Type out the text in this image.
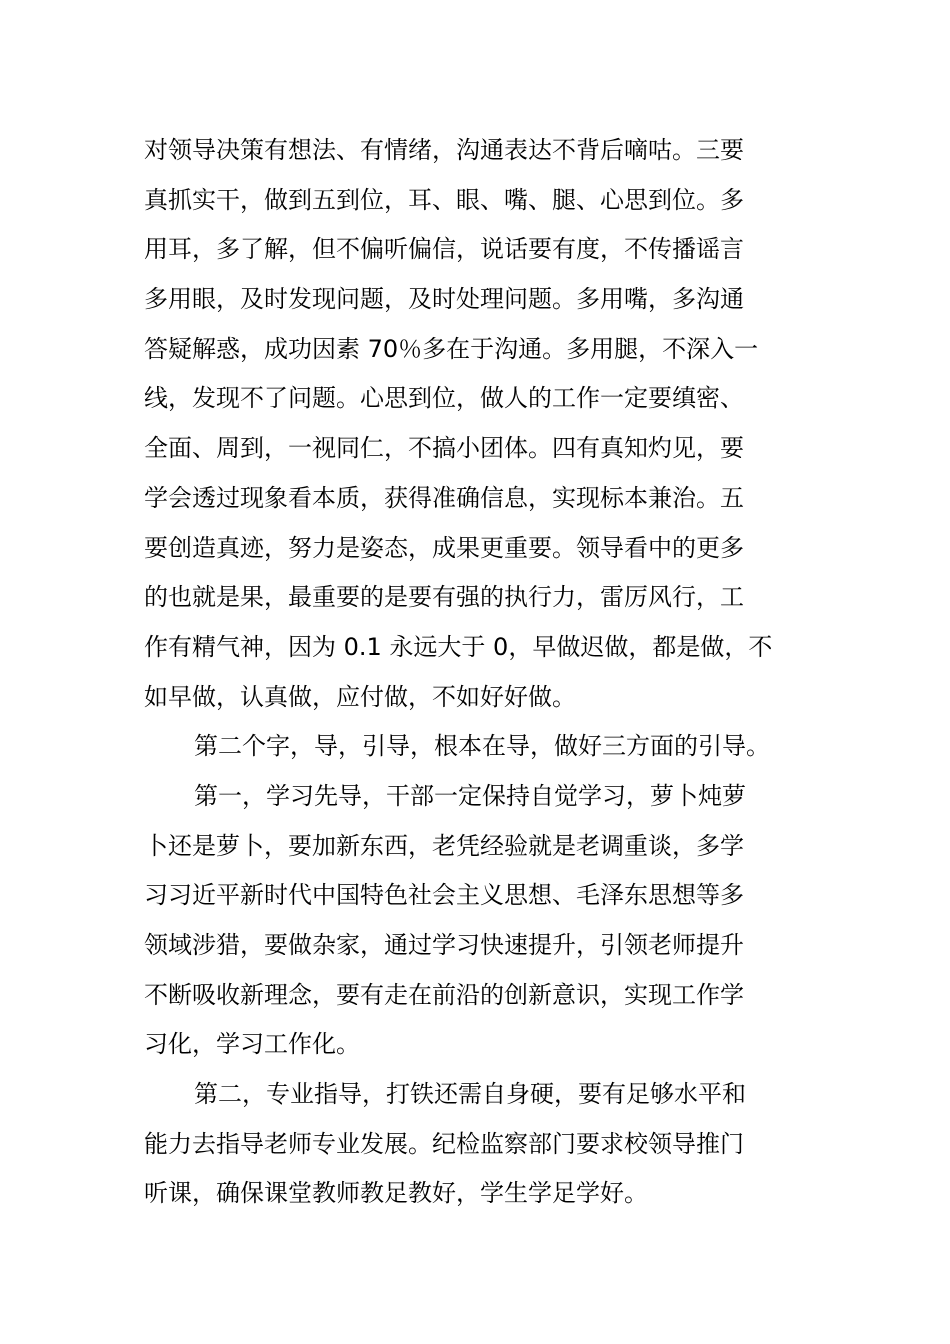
对领导决策有想法、有情绪，沟通表达不背后嘀咕。三要
真抓实干，做到五到位，耳、眼、嘴、腿、心思到位。多
用耳，多了解，但不偏听偏信，说话要有度，不传播谣言
多用眼，及时发现问题，及时处理问题。多用嘴，多沟通
答疑解惑，成功因素 70％多在于沟通。多用腿，不深入一
线，发现不了问题。心思到位，做人的工作一定要缜密、
全面、周到，一视同仁，不搞小团体。四有真知灼见，要
学会透过现象看本质，获得准确信息，实现标本兼治。五
要创造真迹，努力是姿态，成果更重要。领导看中的更多
的也就是果，最重要的是要有强的执行力，雷厉风行，工
作有精气神，因为 0.1 永远大于 0，早做迟做，都是做，不
如早做，认真做，应付做，不如好好做。
第二个字，导，引导，根本在导，做好三方面的引导。
第一，学习先导，干部一定保持自觉学习，萝卜炖萝
卜还是萝卜，要加新东西，老凭经验就是老调重谈，多学
习习近平新时代中国特色社会主义思想、毛泽东思想等多
领域涉猎，要做杂家，通过学习快速提升，引领老师提升
不断吸收新理念，要有走在前沿的创新意识，实现工作学
习化，学习工作化。
第二，专业指导，打铁还需自身硬，要有足够水平和
能力去指导老师专业发展。纪检监察部门要求校领导推门
听课，确保课堂教师教足教好，学生学足学好。
